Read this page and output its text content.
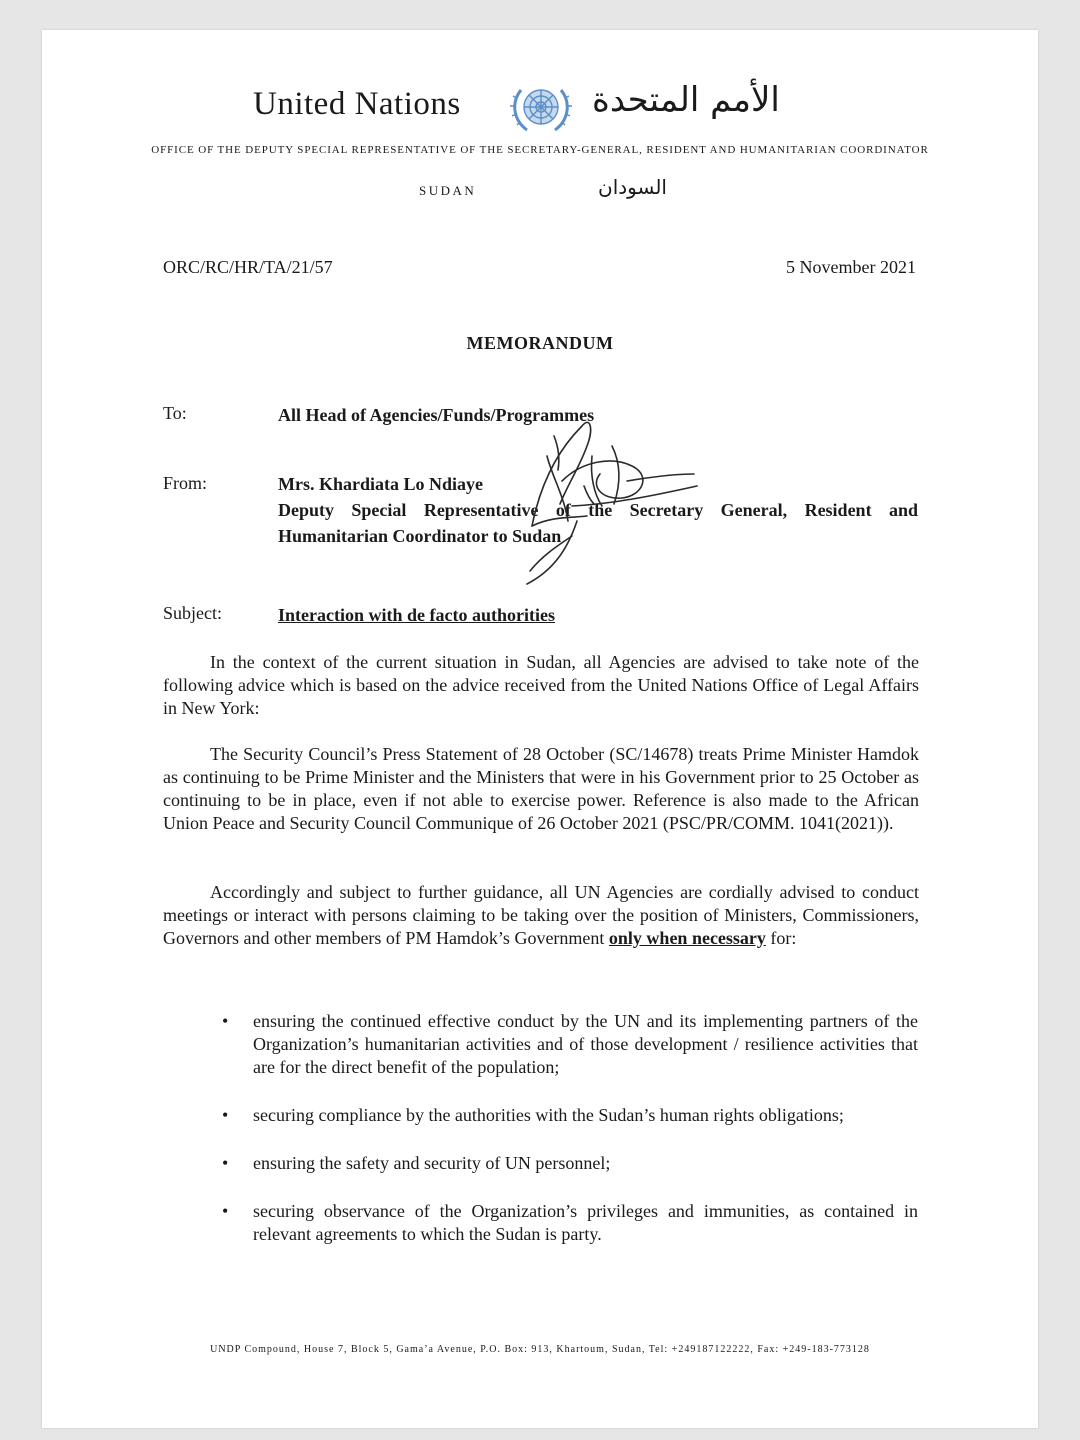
United Nations	الأمم المتحدة
OFFICE OF THE DEPUTY SPECIAL REPRESENTATIVE OF THE SECRETARY-GENERAL, RESIDENT AND HUMANITARIAN COORDINATOR
SUDAN	السودان
ORC/RC/HR/TA/21/57	5 November 2021
MEMORANDUM
To:	All Head of Agencies/Funds/Programmes
From:	Mrs. Khardiata Lo Ndiaye
Deputy Special Representative of the Secretary General, Resident and Humanitarian Coordinator to Sudan
Subject:	Interaction with de facto authorities
In the context of the current situation in Sudan, all Agencies are advised to take note of the following advice which is based on the advice received from the United Nations Office of Legal Affairs in New York:
The Security Council’s Press Statement of 28 October (SC/14678) treats Prime Minister Hamdok as continuing to be Prime Minister and the Ministers that were in his Government prior to 25 October as continuing to be in place, even if not able to exercise power. Reference is also made to the African Union Peace and Security Council Communique of 26 October 2021 (PSC/PR/COMM. 1041(2021)).
Accordingly and subject to further guidance, all UN Agencies are cordially advised to conduct meetings or interact with persons claiming to be taking over the position of Ministers, Commissioners, Governors and other members of PM Hamdok’s Government only when necessary for:
• ensuring the continued effective conduct by the UN and its implementing partners of the Organization’s humanitarian activities and of those development / resilience activities that are for the direct benefit of the population;
• securing compliance by the authorities with the Sudan’s human rights obligations;
• ensuring the safety and security of UN personnel;
• securing observance of the Organization’s privileges and immunities, as contained in relevant agreements to which the Sudan is party.
UNDP Compound, House 7, Block 5, Gama’a Avenue, P.O. Box: 913, Khartoum, Sudan, Tel: +249187122222, Fax: +249-183-773128
